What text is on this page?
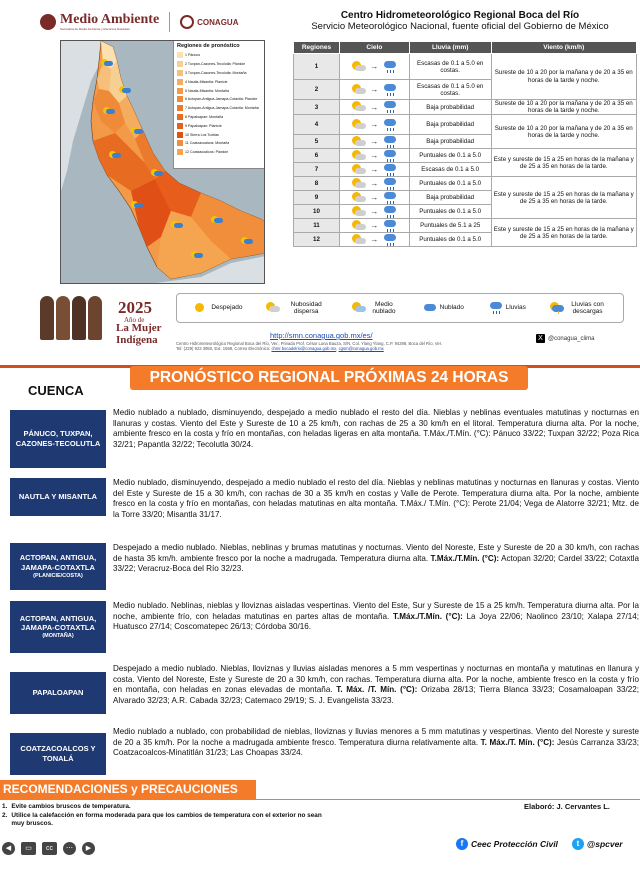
Medio Ambiente
Secretaría de Medio Ambiente y Recursos Naturales
CONAGUA
Centro Hidrometeorológico Regional Boca del Río
Servicio Meteorológico Nacional, fuente oficial del Gobierno de México
Regiones de pronóstico
1 Pánuco
2 Tuxpan-Cazones-Tecolutla: Planicie
3 Tuxpan-Cazones-Tecolutla: Montaña
4 Nautla-Misantla: Planicie
5 Nautla-Misantla: Montaña
6 Actopan-Antigua-Jamapa-Cotaxtla: Planicie
7 Actopan-Antigua-Jamapa-Cotaxtla: Montaña
8 Papaloapan: Montaña
9 Papaloapan: Planicie
10 Sierra Los Tuxtlas
11 Coatzacoalcos: Montaña
12 Coatzacoalcos: Planicie
Regiones	Cielo	Lluvia (mm)	Viento (km/h)
1	→	Escasas de 0.1 a 5.0 en costas.	Sureste de 10 a 20 por la mañana y de 20 a 35 en horas de la tarde y noche.
2	→	Escasas de 0.1 a 5.0 en costas.	
3	→	Baja probabilidad	Sureste de 10 a 20 por la mañana y de 20 a 35 en horas de la tarde y noche.
4	→	Baja probabilidad	Sureste de 10 a 20 por la mañana y de 20 a 35 en horas de la tarde y noche.
5	→	Baja probabilidad	
6	→	Puntuales de 0.1 a 5.0	Este y sureste de 15 a 25 en horas de la mañana y de 25 a 35 en horas de la tarde.
7	→	Escasas de 0.1 a 5.0	
8	→	Puntuales de 0.1 a 5.0	Este y sureste de 15 a 25 en horas de la mañana y de 25 a 35 en horas de la tarde.
9	→	Baja probabilidad	
10	→	Puntuales de 0.1 a 5.0	
11	→	Puntuales de 5.1 a 25	Este y sureste de 15 a 25 en horas de la mañana y de 25 a 35 en horas de la tarde.
12	→	Puntuales de 0.1 a 5.0	
2025
Año de
La Mujer
Indígena
Despejado
Nubosidad dispersa
Medio nublado
Nublado	Lluvias
Lluvias con descargas
http://smn.conagua.gob.mx/es/	X @conagua_clima
Centro Hidrometeorológico Regional Boca del Río, Ver., Privada Prof. César Luna Bauza, S/N. Col. Ylang Ylang, C.P. 94298, Boca del Río, Ver.
Tel: (229) 923 3950, Ext. 1568, Correo Electrónico: chmr.bocadelrio@conagua.gob.mx, cgsm@conagua.gob.mx
PRONÓSTICO REGIONAL PRÓXIMAS 24 HORAS
CUENCA
PÁNUCO, TUXPAN, CAZONES-TECOLUTLA
Medio nublado a nublado, disminuyendo, despejado a medio nublado el resto del día. Nieblas y neblinas eventuales matutinas y nocturnas en llanuras y costas. Viento del Este y Sureste de 10 a 25 km/h, con rachas de 25 a 30 km/h en el litoral. Temperatura diurna alta. Por la noche, ambiente fresco en la costa y frío en montañas, con heladas ligeras en alta montaña. T.Máx./T.Mín. (°C): Pánuco 33/22; Tuxpan 32/22; Poza Rica 32/21; Papantla 32/22; Tecolutla 30/24.
NAUTLA Y MISANTLA
Medio nublado, disminuyendo, despejado a medio nublado el resto del día. Nieblas y neblinas matutinas y nocturnas en llanuras y costas. Viento del Este y Sureste de 15 a 30 km/h, con rachas de 30 a 35 km/h en costas y Valle de Perote. Temperatura diurna alta. Por la noche, ambiente fresco en la costa y frío en montañas, con heladas matutinas en alta montaña. T.Máx./ T.Mín. (°C): Perote 21/04; Vega de Alatorre 32/21; Mtz. de la Torre 33/20; Misantla 31/17.
ACTOPAN, ANTIGUA, JAMAPA-COTAXTLA
(PLANICIE/COSTA)
Despejado a medio nublado. Nieblas, neblinas y brumas matutinas y nocturnas. Viento del Noreste, Este y Sureste de 20 a 30 km/h, con rachas de hasta 35 km/h. ambiente fresco por la noche a madrugada. Temperatura diurna alta. T.Máx./T.Mín. (°C): Actopan 32/20; Cardel 33/22; Cotaxtla 33/22; Veracruz-Boca del Río 32/23.
ACTOPAN, ANTIGUA, JAMAPA-COTAXTLA
(MONTAÑA)
Medio nublado. Neblinas, nieblas y lloviznas aisladas vespertinas. Viento del Este, Sur y Sureste de 15 a 25 km/h. Temperatura diurna alta. Por la noche, ambiente frío, con heladas matutinas en partes altas de montaña. T.Máx./T.Mín. (°C): La Joya 22/06; Naolinco 23/10; Xalapa 27/14; Huatusco 27/14; Coscomatepec 26/13; Córdoba 30/16.
PAPALOAPAN
Despejado a medio nublado. Nieblas, lloviznas y lluvias aisladas menores a 5 mm vespertinas y nocturnas en montaña y matutinas en llanura y costa. Viento del Noreste, Este y Sureste de 20 a 30 km/h, con rachas. Temperatura diurna alta. Por la noche, ambiente fresco en la costa y frío en montaña, con heladas en zonas elevadas de montaña. T. Máx. /T. Mín. (°C): Orizaba 28/13; Tierra Blanca 33/23; Cosamaloapan 33/22; Alvarado 32/23; A.R. Cabada 32/23; Catemaco 29/19; S. J. Evangelista 33/23.
COATZACOALCOS Y TONALÁ
Medio nublado a nublado, con probabilidad de nieblas, lloviznas y lluvias menores a 5 mm matutinas y vespertinas. Viento del Noreste y sureste de 20 a 35 km/h. Por la noche a madrugada ambiente fresco. Temperatura diurna relativamente alta. T. Máx./T. Mín. (°C): Jesús Carranza 33/23; Coatzacoalcos-Minatitlán 31/23; Las Choapas 33/24.
RECOMENDACIONES y PRECAUCIONES
1. Evite cambios bruscos de temperatura.
2. Utilice la calefacción en forma moderada para que los cambios de temperatura con el exterior no sean muy bruscos.
Elaboró: J. Cervantes L.
◀	▭	cc	⋯	▶
f Ceec Protección Civil	t @spcver
